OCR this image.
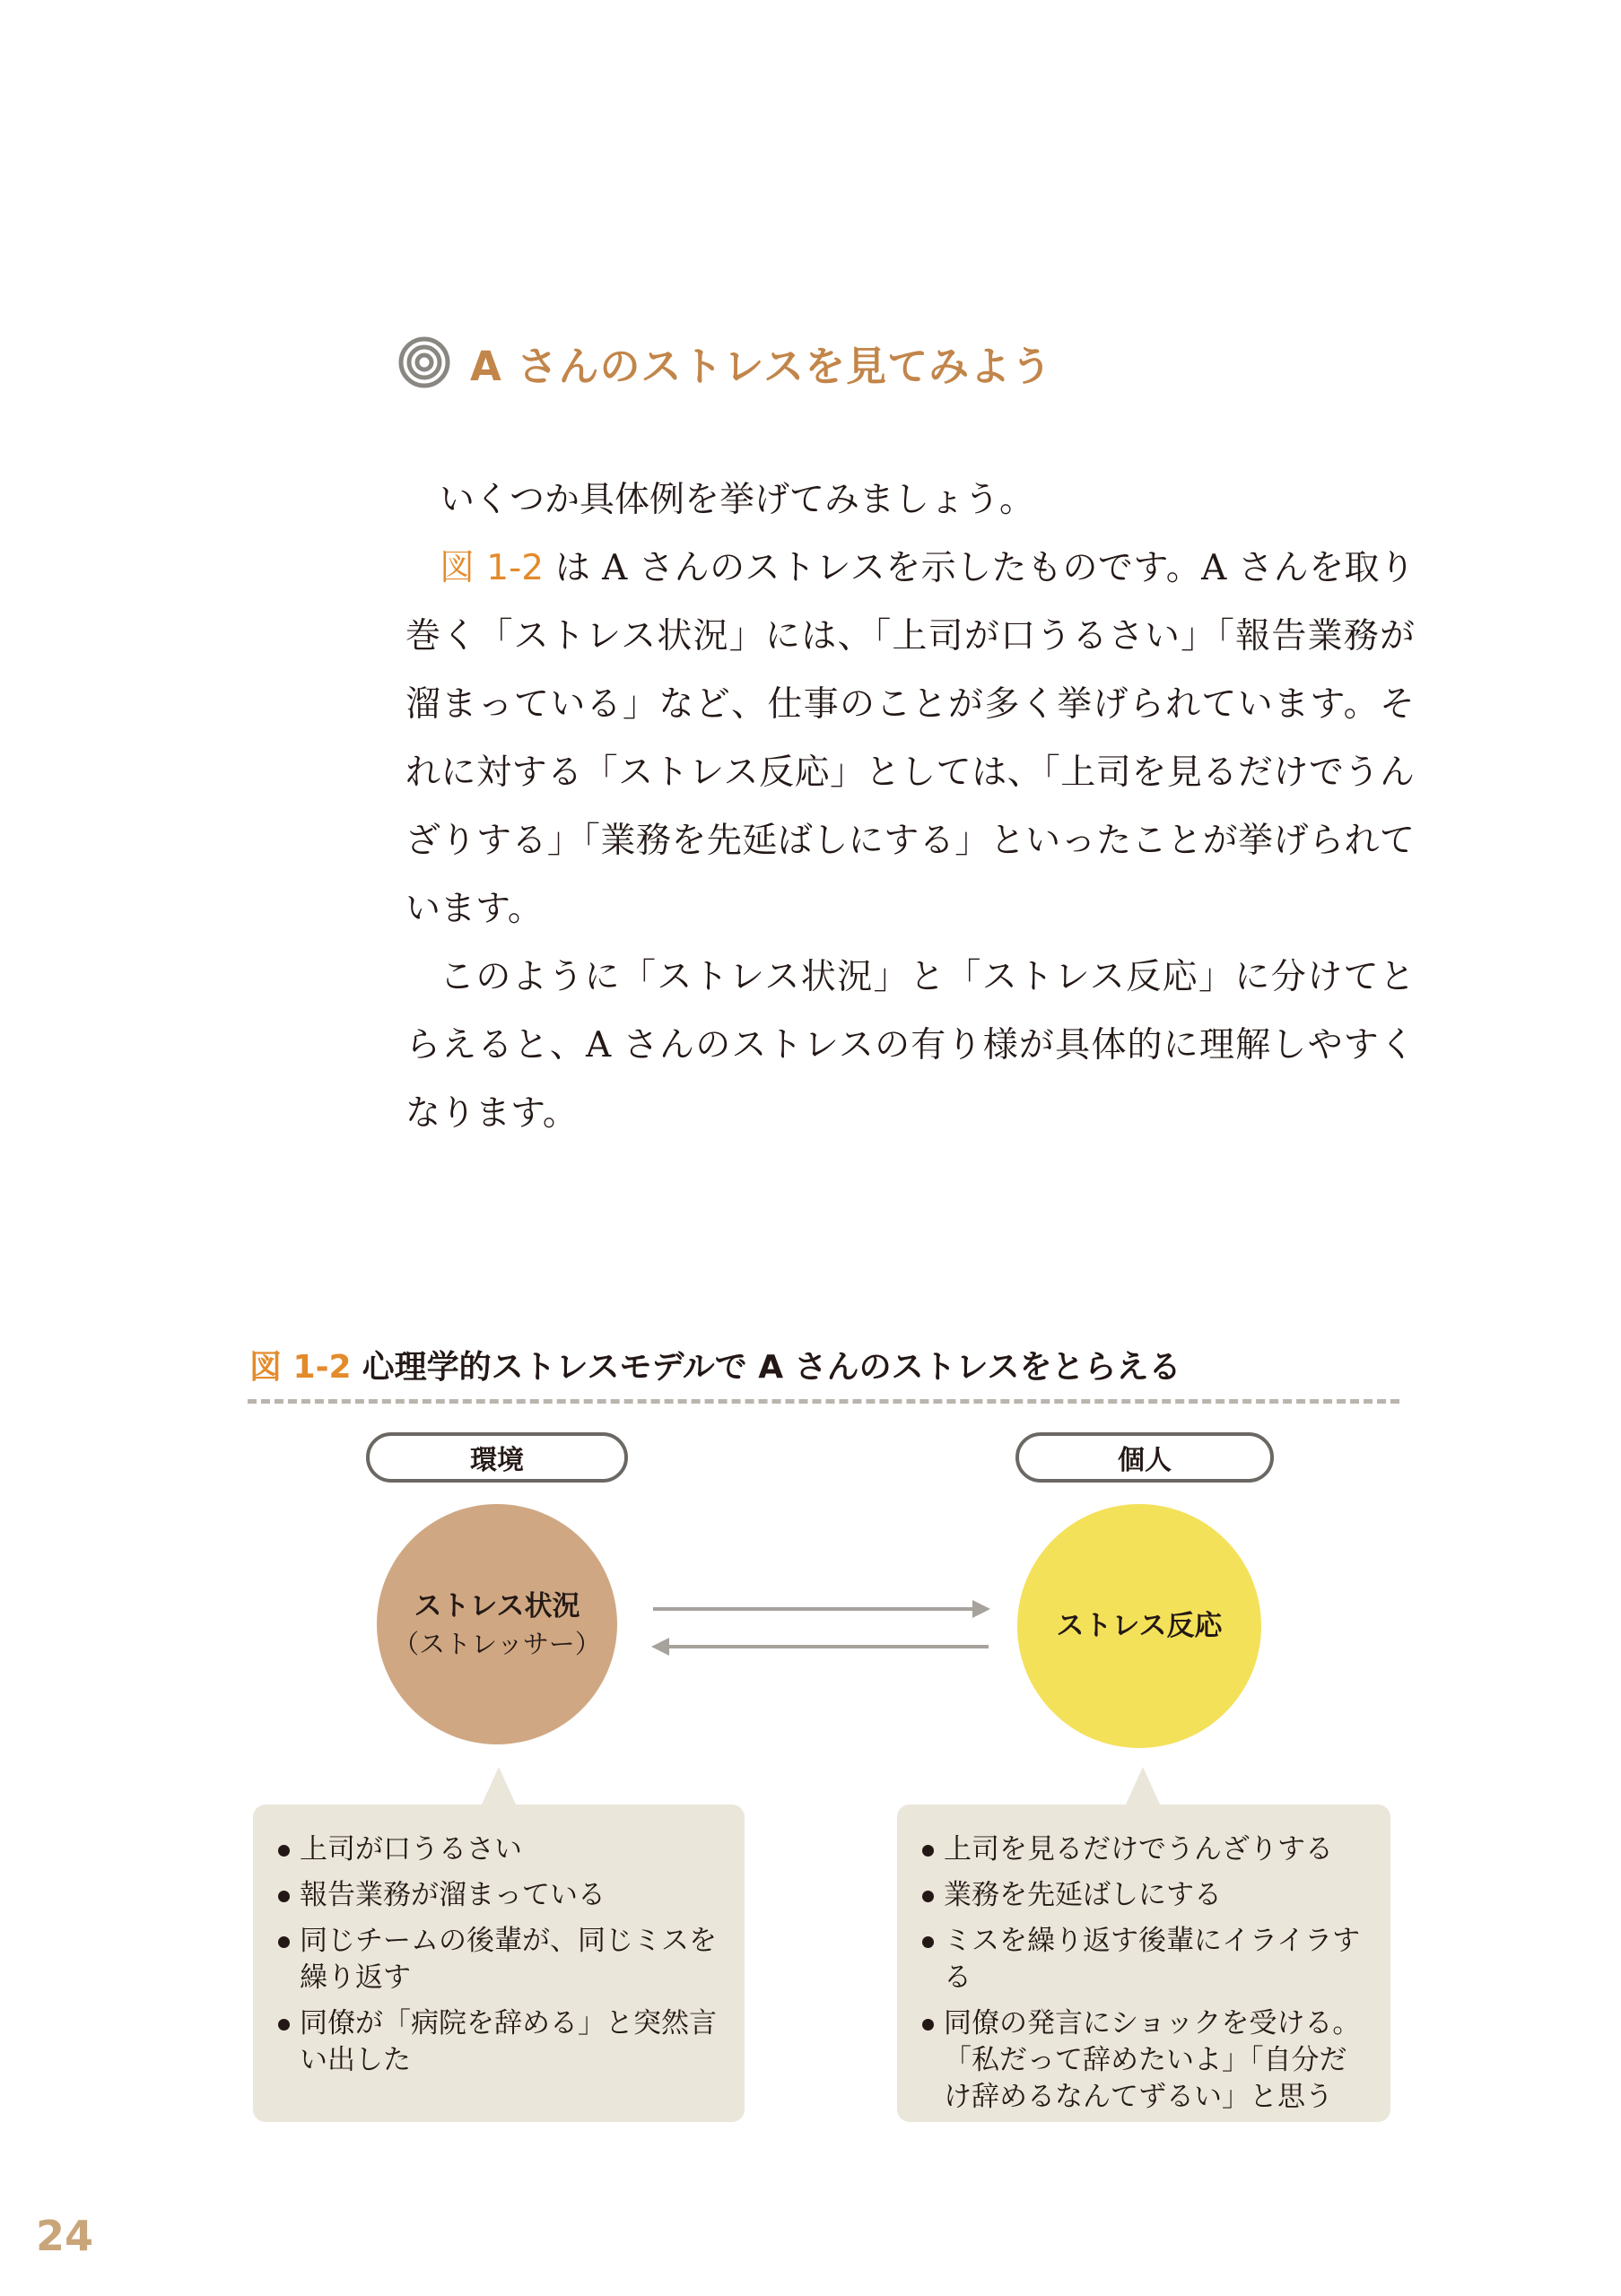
A さんのストレスを見てみよう

いくつか具体例を挙げてみましょう。

図 1-2 は A さんのストレスを示したものです。A さんを取り巻く「ストレス状況」には、「上司が口うるさい」「報告業務が溜まっている」など、仕事のことが多く挙げられています。それに対する「ストレス反応」としては、「上司を見るだけでうんざりする」「業務を先延ばしにする」といったことが挙げられています。

このように「ストレス状況」と「ストレス反応」に分けてとらえると、A さんのストレスの有り様が具体的に理解しやすくなります。

図 1-2 心理学的ストレスモデルで A さんのストレスをとらえる
環境	個人
ストレス状況
（ストレッサー）
ストレス反応
上司が口うるさい
報告業務が溜まっている
同じチームの後輩が、同じミスを繰り返す
同僚が「病院を辞める」と突然言い出した
上司を見るだけでうんざりする
業務を先延ばしにする
ミスを繰り返す後輩にイライラする
同僚の発言にショックを受ける。「私だって辞めたいよ」「自分だけ辞めるなんてずるい」と思う
24
